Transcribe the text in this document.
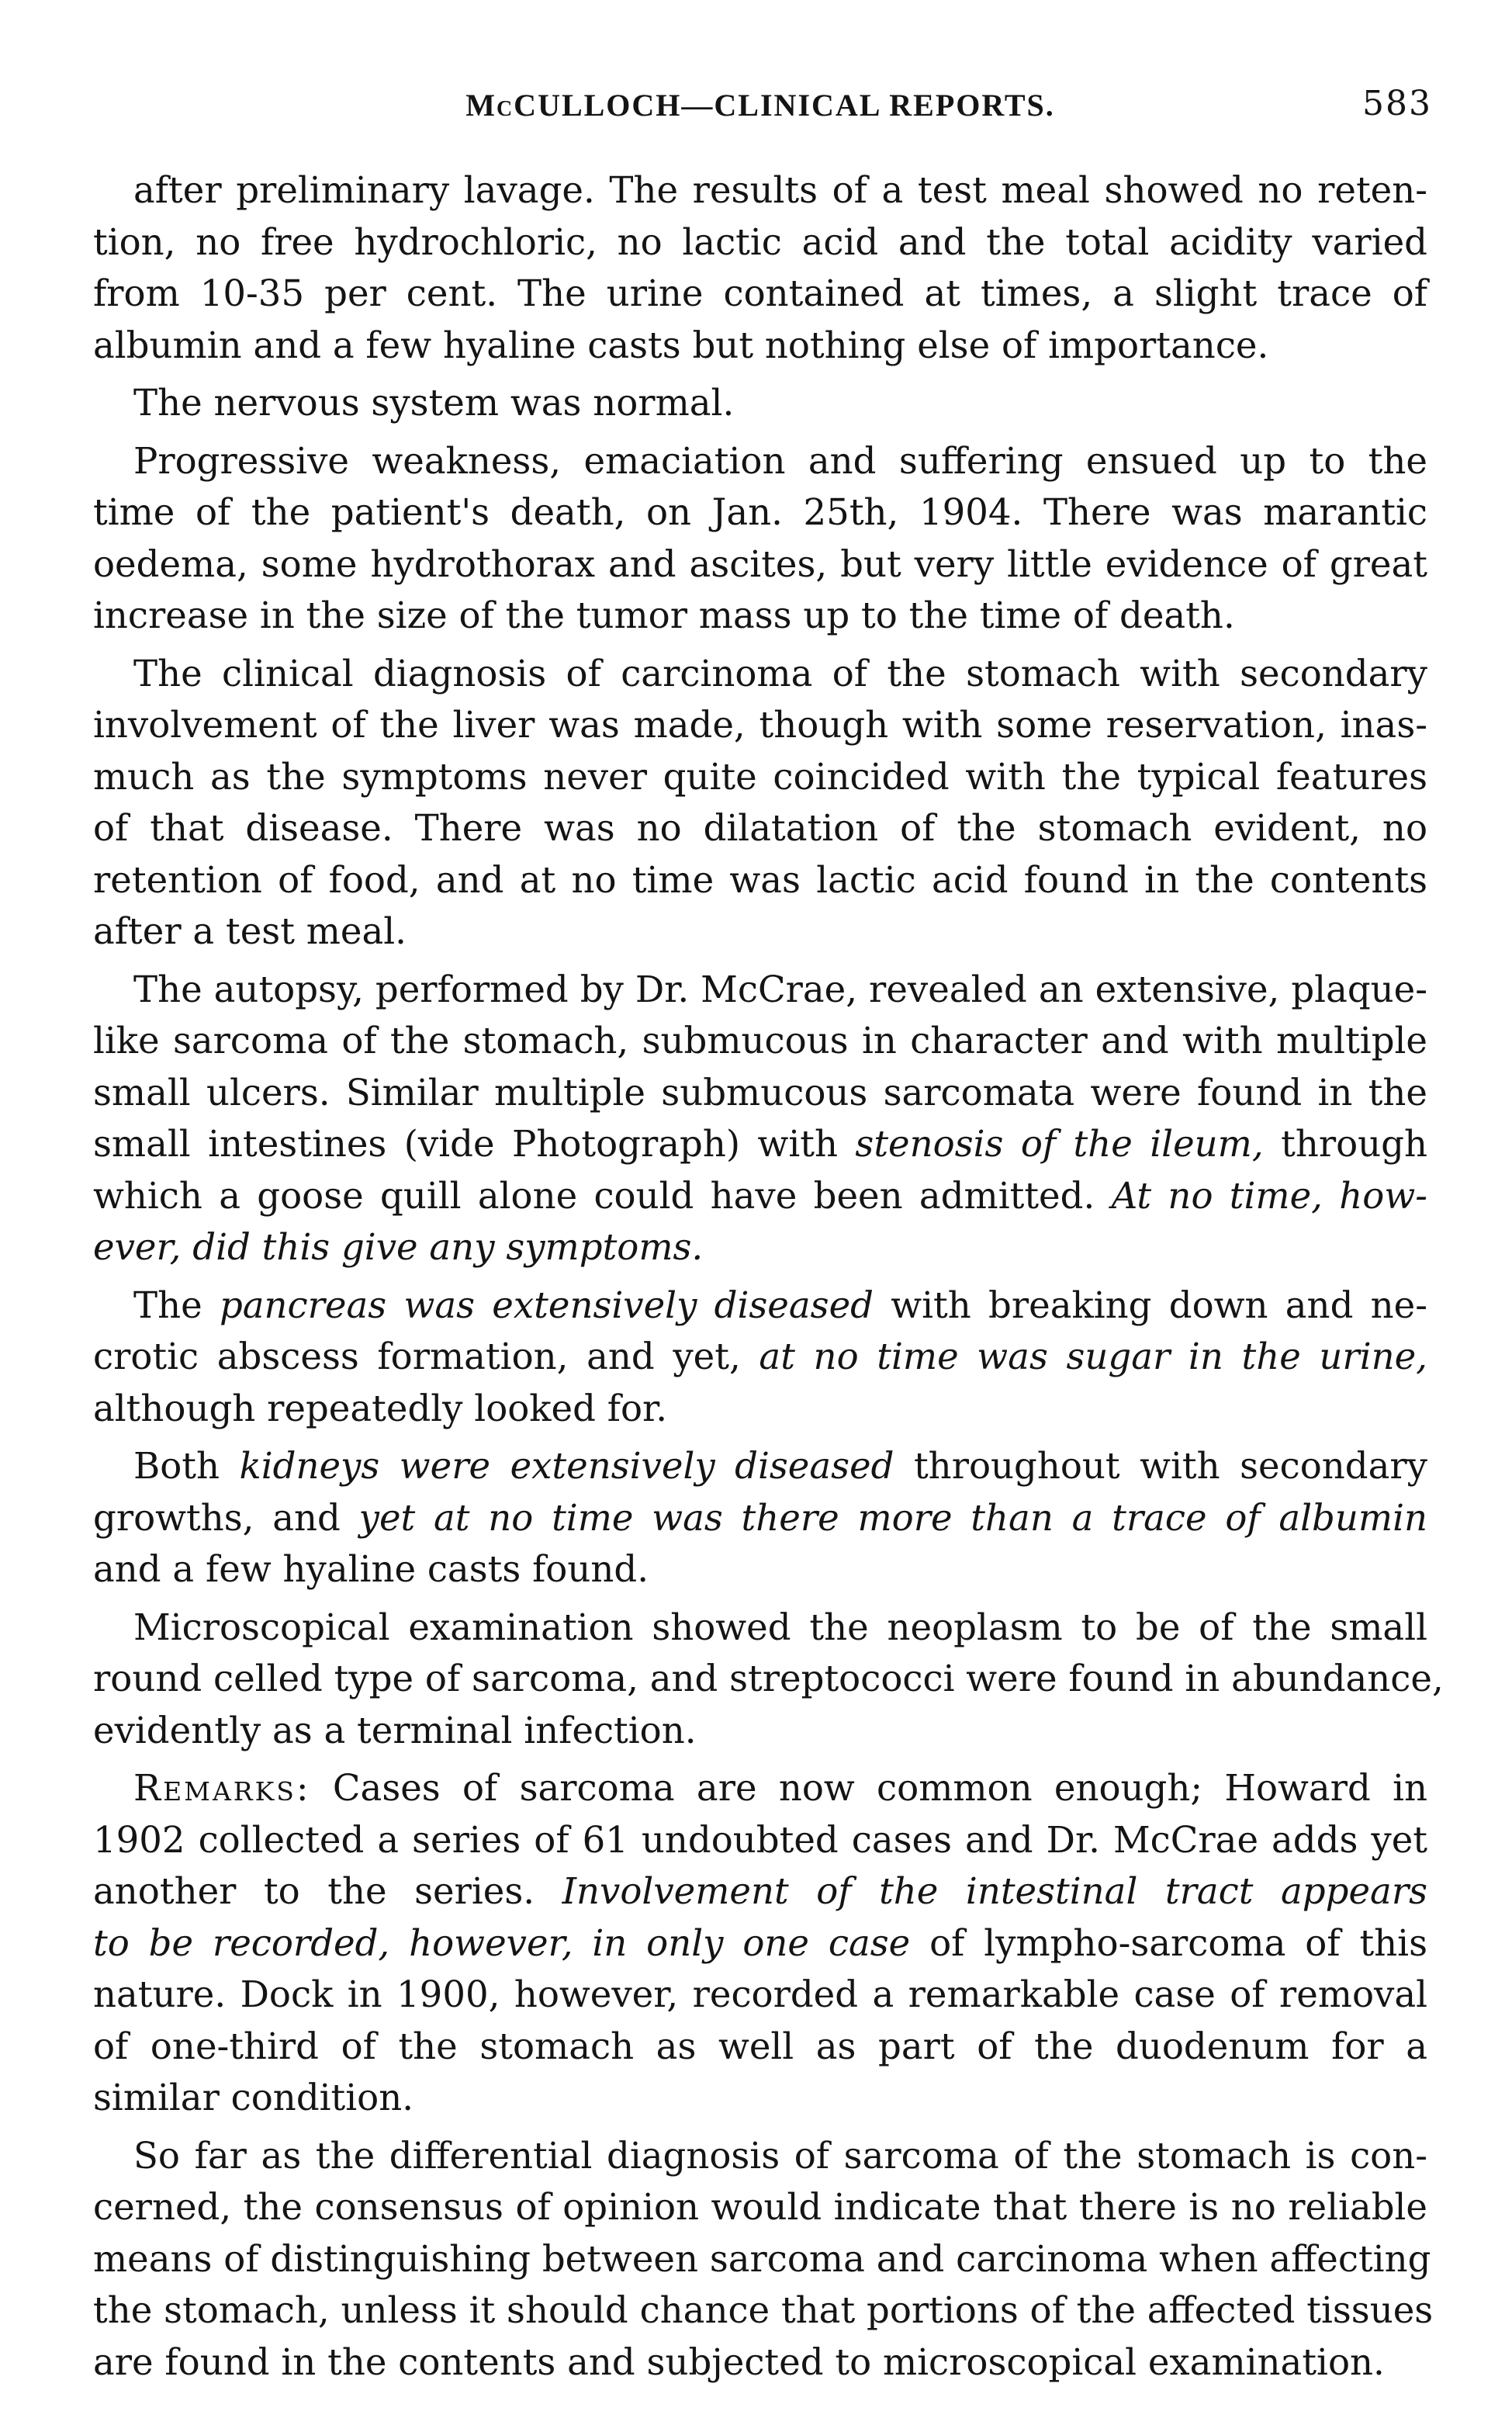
McCULLOCH—CLINICAL REPORTS.	583
after preliminary lavage. The results of a test meal showed no reten-
tion, no free hydrochloric, no lactic acid and the total acidity varied
from 10-35 per cent. The urine contained at times, a slight trace of
albumin and a few hyaline casts but nothing else of importance.
The nervous system was normal.
Progressive weakness, emaciation and suffering ensued up to the
time of the patient's death, on Jan. 25th, 1904. There was marantic
oedema, some hydrothorax and ascites, but very little evidence of great
increase in the size of the tumor mass up to the time of death.
The clinical diagnosis of carcinoma of the stomach with secondary
involvement of the liver was made, though with some reservation, inas-
much as the symptoms never quite coincided with the typical features
of that disease. There was no dilatation of the stomach evident, no
retention of food, and at no time was lactic acid found in the contents
after a test meal.
The autopsy, performed by Dr. McCrae, revealed an extensive, plaque-
like sarcoma of the stomach, submucous in character and with multiple
small ulcers. Similar multiple submucous sarcomata were found in the
small intestines (vide Photograph) with stenosis of the ileum, through
which a goose quill alone could have been admitted. At no time, how-
ever, did this give any symptoms.
The pancreas was extensively diseased with breaking down and ne-
crotic abscess formation, and yet, at no time was sugar in the urine,
although repeatedly looked for.
Both kidneys were extensively diseased throughout with secondary
growths, and yet at no time was there more than a trace of albumin
and a few hyaline casts found.
Microscopical examination showed the neoplasm to be of the small
round celled type of sarcoma, and streptococci were found in abundance,
evidently as a terminal infection.
Remarks: Cases of sarcoma are now common enough; Howard in
1902 collected a series of 61 undoubted cases and Dr. McCrae adds yet
another to the series. Involvement of the intestinal tract appears
to be recorded, however, in only one case of lympho-sarcoma of this
nature. Dock in 1900, however, recorded a remarkable case of removal
of one-third of the stomach as well as part of the duodenum for a
similar condition.
So far as the differential diagnosis of sarcoma of the stomach is con-
cerned, the consensus of opinion would indicate that there is no reliable
means of distinguishing between sarcoma and carcinoma when affecting
the stomach, unless it should chance that portions of the affected tissues
are found in the contents and subjected to microscopical examination.
